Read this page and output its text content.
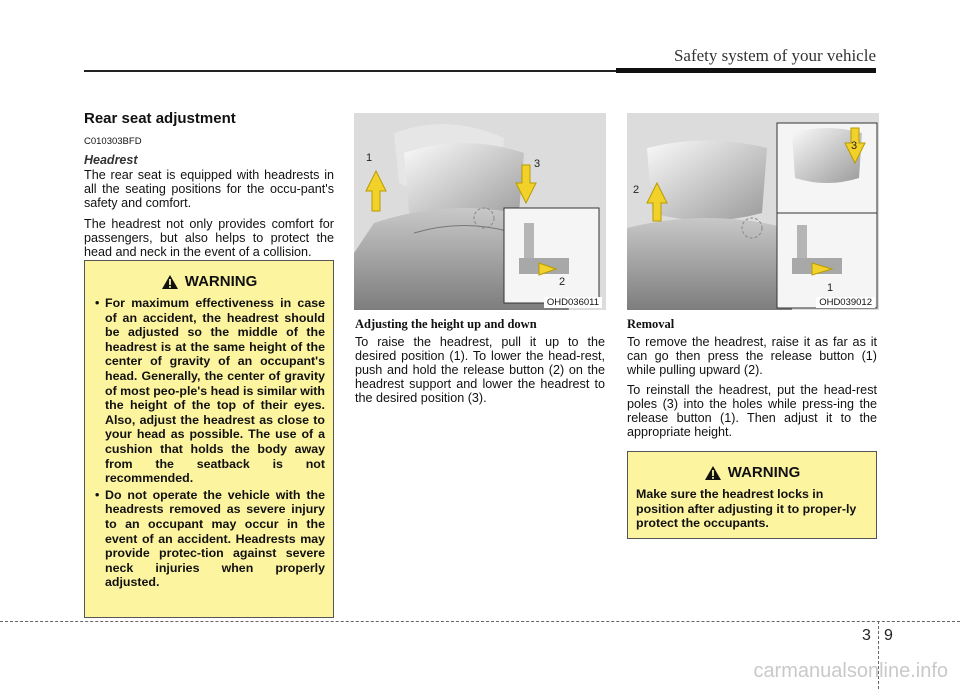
Safety system of your vehicle
Rear seat adjustment
C010303BFD
Headrest

The rear seat is equipped with headrests in all the seating positions for the occu-pant's safety and comfort.

The headrest not only provides comfort for passengers, but also helps to protect the head and neck in the event of a collision.

WARNING
• For maximum effectiveness in case of an accident, the headrest should be adjusted so the middle of the headrest is at the same height of the center of gravity of an occupant's head. Generally, the center of gravity of most peo-ple's head is similar with the height of the top of their eyes. Also, adjust the headrest as close to your head as possible. The use of a cushion that holds the body away from the seatback is not recommended.
• Do not operate the vehicle with the headrests removed as severe injury to an occupant may occur in the event of an accident. Headrests may provide protec-tion against severe neck injuries when properly adjusted.
1	3
2
OHD036011
Adjusting the height up and down

To raise the headrest, pull it up to the desired position (1). To lower the head-rest, push and hold the release button (2) on the headrest support and lower the headrest to the desired position (3).

2
3
1
OHD039012
Removal

To remove the headrest, raise it as far as it can go then press the release button (1) while pulling upward (2).

To reinstall the headrest, put the head-rest poles (3) into the holes while press-ing the release button (1). Then adjust it to the appropriate height.

WARNING
Make sure the headrest locks in position after adjusting it to proper-ly protect the occupants.
3 9
carmanualsonline.info
